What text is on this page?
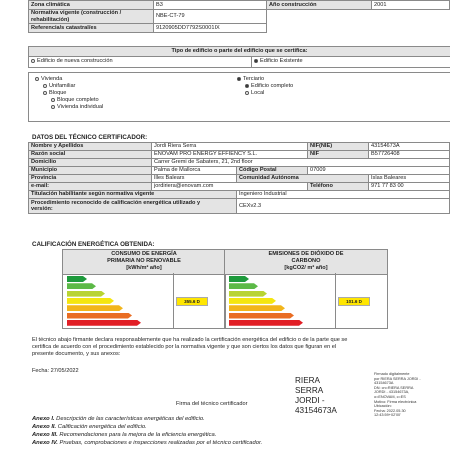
Zona climática	B3	Año construcción	2001
Normativa vigente (construcción /
rehabilitación)	NBE-CT-79		
Referencia/s catastral/es	9120905DD7792S0001IX		
Tipo de edificio o parte del edificio que se certifica:
Edificio de nueva construcción	Edificio Existente
Vivienda
Unifamiliar
Bloque
Bloque completo
Vivienda individual
Terciario
Edificio completo
Local
DATOS DEL TÉCNICO CERTIFICADOR:
Nombre y Apellidos	Jordi Riera Serra		NIF(NIE)	43154673A
Razón social	ENOVAM PRO ENERGY EFFIENCY S.L.		NIF	B57726408
Domicilio	Carrer Gremi de Sabaters, 21, 2nd floor			
Municipio	Palma de Mallorca	Código Postal	07009	
Provincia	Illes Balears	Comunidad Autónoma		Islas Baleares
e-mail:	jordiriera@enovam.com		Teléfono	971 77 83 00
Titulación habilitante según normativa vigente		Ingeniero Industrial		
Procedimiento reconocido de calificación energética utilizado y
versión:		CEXv2.3		
CALIFICACIÓN ENERGÉTICA OBTENIDA:
CONSUMO DE ENERGÍA
PRIMARIA NO RENOVABLE
[kWh/m² año]
355.6 D
EMISIONES DE DIÓXIDO DE
CARBONO
[kgCO2/ m² año]
101.6 D
El técnico abajo firmante declara responsablemente que ha realizado la certificación energética del edificio o de la parte que se
certifica de acuerdo con el procedimiento establecido por la normativa vigente y que son ciertos los datos que figuran en el
presente documento, y sus anexos:
Fecha: 27/05/2022
RIERA
SERRA
JORDI -
43154673A
Firmado digitalmente
por RIERA SERRA JORDI -
43154673A
DN: cn=RIERA SERRA
JORDI - 43154673A,
o=ENOVAM, c=ES
Motivo: Firma electrónica
Ubicación:
Fecha: 2022.05.30
12:43:59+02'00'
Firma del técnico certificador
Anexo I. Descripción de las características energéticas del edificio.
Anexo II. Calificación energética del edificio.
Anexo III. Recomendaciones para la mejora de la eficiencia energética.
Anexo IV. Pruebas, comprobaciones e inspecciones realizadas por el técnico certificador.
